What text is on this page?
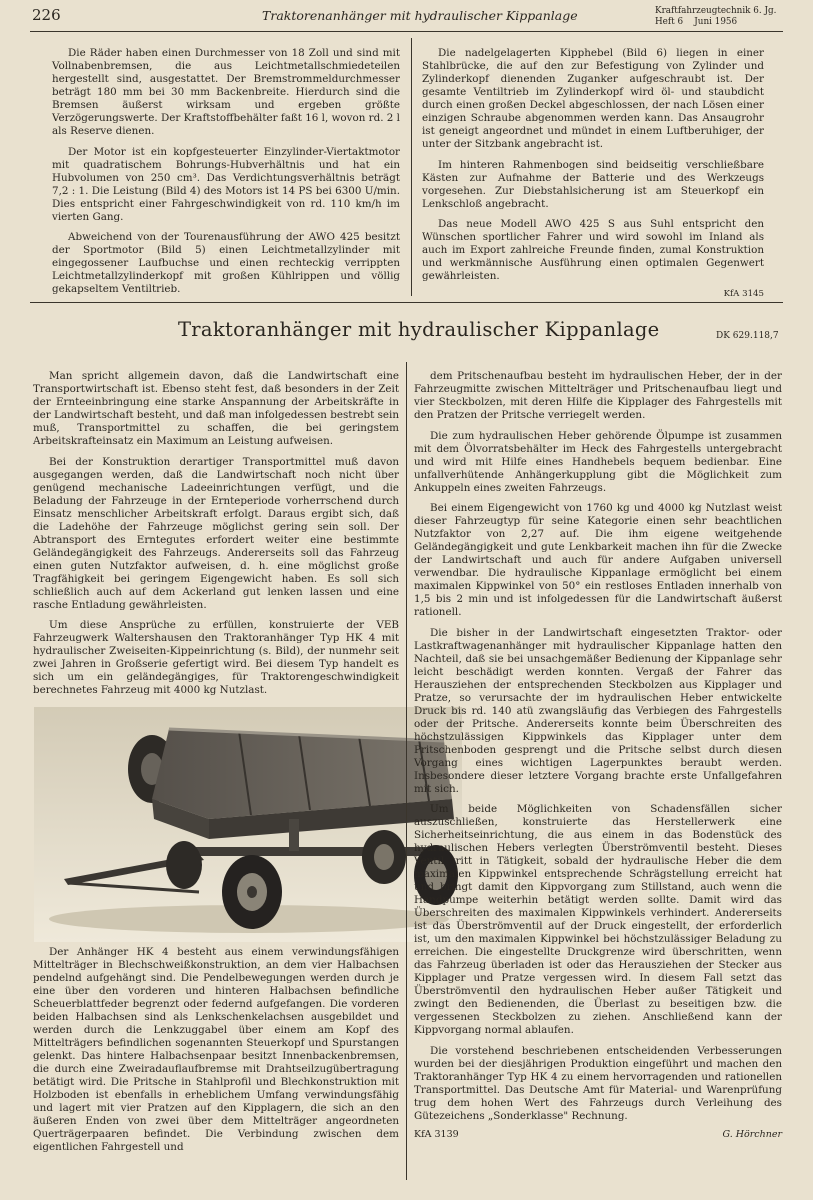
226	Traktorenanhänger mit hydraulischer Kippanlage	Kraftfahrzeugtechnik 6. Jg.
Heft 6 Juni 1956

Die Räder haben einen Durchmesser von 18 Zoll und sind mit Vollnabenbremsen, die aus Leichtmetallschmiedeteilen hergestellt sind, ausgestattet. Der Bremstrommeldurchmesser beträgt 180 mm bei 30 mm Backenbreite. Hierdurch sind die Bremsen äußerst wirksam und ergeben größte Verzögerungswerte. Der Kraftstoffbehälter faßt 16 l, wovon rd. 2 l als Reserve dienen.

Der Motor ist ein kopfgesteuerter Einzylinder-Viertaktmotor mit quadratischem Bohrungs-Hubverhältnis und hat ein Hubvolumen von 250 cm³. Das Verdichtungsverhältnis beträgt 7,2 : 1. Die Leistung (Bild 4) des Motors ist 14 PS bei 6300 U/min. Dies entspricht einer Fahrgeschwindigkeit von rd. 110 km/h im vierten Gang.

Abweichend von der Tourenausführung der AWO 425 besitzt der Sportmotor (Bild 5) einen Leichtmetallzylinder mit eingegossener Laufbuchse und einen rechteckig verrippten Leichtmetallzylinderkopf mit großen Kühlrippen und völlig gekapseltem Ventiltrieb.

Die nadelgelagerten Kipphebel (Bild 6) liegen in einer Stahlbrücke, die auf den zur Befestigung von Zylinder und Zylinderkopf dienenden Zuganker aufgeschraubt ist. Der gesamte Ventiltrieb im Zylinderkopf wird öl- und staubdicht durch einen großen Deckel abgeschlossen, der nach Lösen einer einzigen Schraube abgenommen werden kann. Das Ansaugrohr ist geneigt angeordnet und mündet in einem Luftberuhiger, der unter der Sitzbank angebracht ist.

Im hinteren Rahmenbogen sind beidseitig verschließbare Kästen zur Aufnahme der Batterie und des Werkzeugs vorgesehen. Zur Diebstahlsicherung ist am Steuerkopf ein Lenkschloß angebracht.

Das neue Modell AWO 425 S aus Suhl entspricht den Wünschen sportlicher Fahrer und wird sowohl im Inland als auch im Export zahlreiche Freunde finden, zumal Konstruktion und werkmännische Ausführung einen optimalen Gegenwert gewährleisten.

KfA 3145
Traktoranhänger mit hydraulischer Kippanlage	DK 629.118,7

Man spricht allgemein davon, daß die Landwirtschaft eine Transportwirtschaft ist. Ebenso steht fest, daß besonders in der Zeit der Ernteeinbringung eine starke Anspannung der Arbeitskräfte in der Landwirtschaft besteht, und daß man infolgedessen bestrebt sein muß, Transportmittel zu schaffen, die bei geringstem Arbeitskrafteinsatz ein Maximum an Leistung aufweisen.

Bei der Konstruktion derartiger Transportmittel muß davon ausgegangen werden, daß die Landwirtschaft noch nicht über genügend mechanische Ladeeinrichtungen verfügt, und die Beladung der Fahrzeuge in der Ernteperiode vorherrschend durch Einsatz menschlicher Arbeitskraft erfolgt. Daraus ergibt sich, daß die Ladehöhe der Fahrzeuge möglichst gering sein soll. Der Abtransport des Erntegutes erfordert weiter eine bestimmte Geländegängigkeit des Fahrzeugs. Andererseits soll das Fahrzeug einen guten Nutzfaktor aufweisen, d. h. eine möglichst große Tragfähigkeit bei geringem Eigengewicht haben. Es soll sich schließlich auch auf dem Ackerland gut lenken lassen und eine rasche Entladung gewährleisten.

Um diese Ansprüche zu erfüllen, konstruierte der VEB Fahrzeugwerk Waltershausen den Traktoranhänger Typ HK 4 mit hydraulischer Zweiseiten-Kippeinrichtung (s. Bild), der nunmehr seit zwei Jahren in Großserie gefertigt wird. Bei diesem Typ handelt es sich um ein geländegängiges, für Traktorengeschwindigkeit berechnetes Fahrzeug mit 4000 kg Nutzlast.

Der Anhänger HK 4 besteht aus einem verwindungsfähigen Mittelträger in Blechschweißkonstruktion, an dem vier Halbachsen pendelnd aufgehängt sind. Die Pendelbewegungen werden durch je eine über den vorderen und hinteren Halbachsen befindliche Scheuerblattfeder begrenzt oder federnd aufgefangen. Die vorderen beiden Halbachsen sind als Lenkschenkelachsen ausgebildet und werden durch die Lenkzuggabel über einem am Kopf des Mittelträgers befindlichen sogenannten Steuerkopf und Spurstangen gelenkt. Das hintere Halbachsenpaar besitzt Innenbackenbremsen, die durch eine Zweiradauflaufbremse mit Drahtseilzugübertragung betätigt wird. Die Pritsche in Stahlprofil und Blechkonstruktion mit Holzboden ist ebenfalls in erheblichem Umfang verwindungsfähig und lagert mit vier Pratzen auf den Kipplagern, die sich an den äußeren Enden von zwei über dem Mittelträger angeordneten Querträgerpaaren befindet. Die Verbindung zwischen dem eigentlichen Fahrgestell und

dem Pritschenaufbau besteht im hydraulischen Heber, der in der Fahrzeugmitte zwischen Mittelträger und Pritschenaufbau liegt und vier Steckbolzen, mit deren Hilfe die Kipplager des Fahrgestells mit den Pratzen der Pritsche verriegelt werden.

Die zum hydraulischen Heber gehörende Ölpumpe ist zusammen mit dem Ölvorratsbehälter im Heck des Fahrgestells untergebracht und wird mit Hilfe eines Handhebels bequem bedienbar. Eine unfallverhütende Anhängerkupplung gibt die Möglichkeit zum Ankuppeln eines zweiten Fahrzeugs.

Bei einem Eigengewicht von 1760 kg und 4000 kg Nutzlast weist dieser Fahrzeugtyp für seine Kategorie einen sehr beachtlichen Nutzfaktor von 2,27 auf. Die ihm eigene weitgehende Geländegängigkeit und gute Lenkbarkeit machen ihn für die Zwecke der Landwirtschaft und auch für andere Aufgaben universell verwendbar. Die hydraulische Kippanlage ermöglicht bei einem maximalen Kippwinkel von 50° ein restloses Entladen innerhalb von 1,5 bis 2 min und ist infolgedessen für die Landwirtschaft äußerst rationell.

Die bisher in der Landwirtschaft eingesetzten Traktor- oder Lastkraftwagenanhänger mit hydraulischer Kippanlage hatten den Nachteil, daß sie bei unsachgemäßer Bedienung der Kippanlage sehr leicht beschädigt werden konnten. Vergaß der Fahrer das Herausziehen der entsprechenden Steckbolzen aus Kipplager und Pratze, so verursachte der im hydraulischen Heber entwickelte Druck bis rd. 140 atü zwangsläufig das Verbiegen des Fahrgestells oder der Pritsche. Andererseits konnte beim Überschreiten des höchstzulässigen Kippwinkels das Kipplager unter dem Pritschenboden gesprengt und die Pritsche selbst durch diesen Vorgang eines wichtigen Lagerpunktes beraubt werden. Insbesondere dieser letztere Vorgang brachte erste Unfallgefahren mit sich.

Um beide Möglichkeiten von Schadensfällen sicher auszuschließen, konstruierte das Herstellerwerk eine Sicherheitseinrichtung, die aus einem in das Bodenstück des hydraulischen Hebers verlegten Überströmventil besteht. Dieses Ventil tritt in Tätigkeit, sobald der hydraulische Heber die dem maximalen Kippwinkel entsprechende Schrägstellung erreicht hat und bringt damit den Kippvorgang zum Stillstand, auch wenn die Handpumpe weiterhin betätigt werden sollte. Damit wird das Überschreiten des maximalen Kippwinkels verhindert. Andererseits ist das Überströmventil auf der Druck eingestellt, der erforderlich ist, um den maximalen Kippwinkel bei höchstzulässiger Beladung zu erreichen. Die eingestellte Druckgrenze wird überschritten, wenn das Fahrzeug überladen ist oder das Herausziehen der Stecker aus Kipplager und Pratze vergessen wird. In diesem Fall setzt das Überströmventil den hydraulischen Heber außer Tätigkeit und zwingt den Bedienenden, die Überlast zu beseitigen bzw. die vergessenen Steckbolzen zu ziehen. Anschließend kann der Kippvorgang normal ablaufen.

Die vorstehend beschriebenen entscheidenden Verbesserungen wurden bei der diesjährigen Produktion eingeführt und machen den Traktoranhänger Typ HK 4 zu einem hervorragenden und rationellen Transportmittel. Das Deutsche Amt für Material- und Warenprüfung trug dem hohen Wert des Fahrzeugs durch Verleihung des Gütezeichens „Sonderklasse" Rechnung.

KfA 3139	G. Hörchner
